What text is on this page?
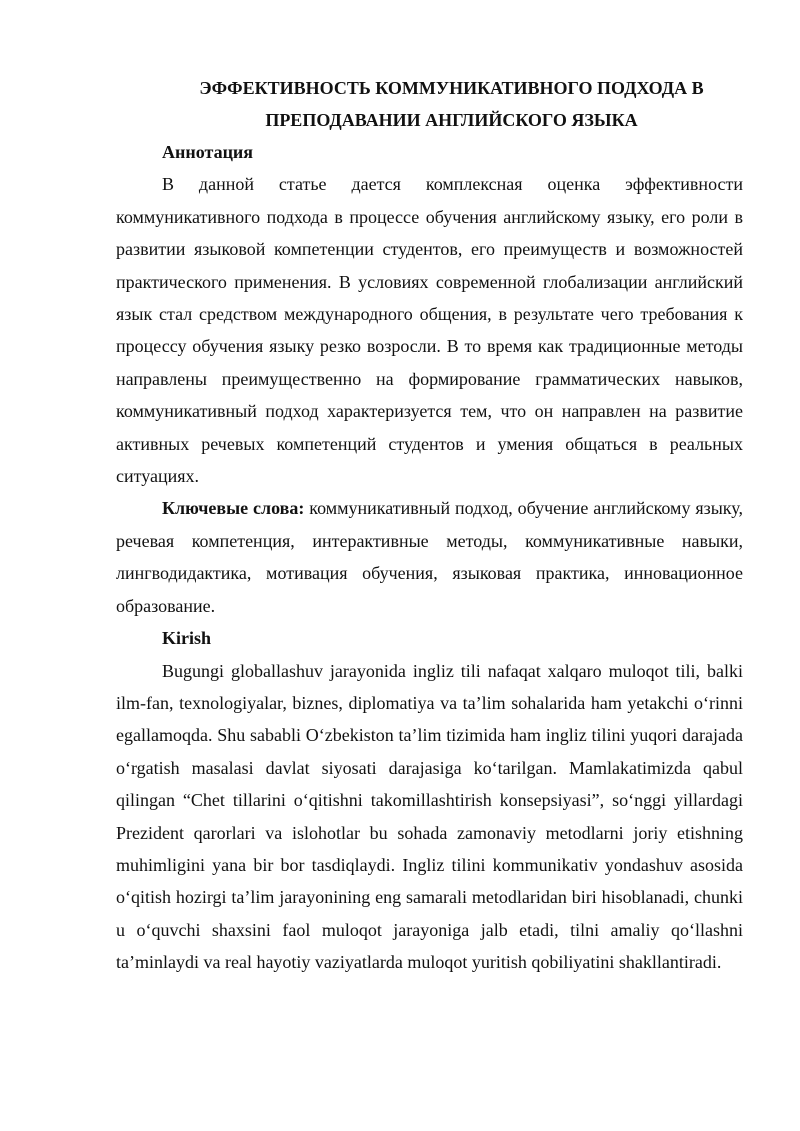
ЭФФЕКТИВНОСТЬ КОММУНИКАТИВНОГО ПОДХОДА В
ПРЕПОДАВАНИИ АНГЛИЙСКОГО ЯЗЫКА

Аннотация

В данной статье дается комплексная оценка эффективности коммуникативного подхода в процессе обучения английскому языку, его роли в развитии языковой компетенции студентов, его преимуществ и возможностей практического применения. В условиях современной глобализации английский язык стал средством международного общения, в результате чего требования к процессу обучения языку резко возросли. В то время как традиционные методы направлены преимущественно на формирование грамматических навыков, коммуникативный подход характеризуется тем, что он направлен на развитие активных речевых компетенций студентов и умения общаться в реальных ситуациях.

Ключевые слова: коммуникативный подход, обучение английскому языку, речевая компетенция, интерактивные методы, коммуникативные навыки, лингводидактика, мотивация обучения, языковая практика, инновационное образование.

Kirish

Bugungi globallashuv jarayonida ingliz tili nafaqat xalqaro muloqot tili, balki ilm-fan, texnologiyalar, biznes, diplomatiya va ta’lim sohalarida ham yetakchi o‘rinni egallamoqda. Shu sababli O‘zbekiston ta’lim tizimida ham ingliz tilini yuqori darajada o‘rgatish masalasi davlat siyosati darajasiga ko‘tarilgan. Mamlakatimizda qabul qilingan “Chet tillarini o‘qitishni takomillashtirish konsepsiyasi”, so‘nggi yillardagi Prezident qarorlari va islohotlar bu sohada zamonaviy metodlarni joriy etishning muhimligini yana bir bor tasdiqlaydi. Ingliz tilini kommunikativ yondashuv asosida o‘qitish hozirgi ta’lim jarayonining eng samarali metodlaridan biri hisoblanadi, chunki u o‘quvchi shaxsini faol muloqot jarayoniga jalb etadi, tilni amaliy qo‘llashni ta’minlaydi va real hayotiy vaziyatlarda muloqot yuritish qobiliyatini shakllantiradi.
